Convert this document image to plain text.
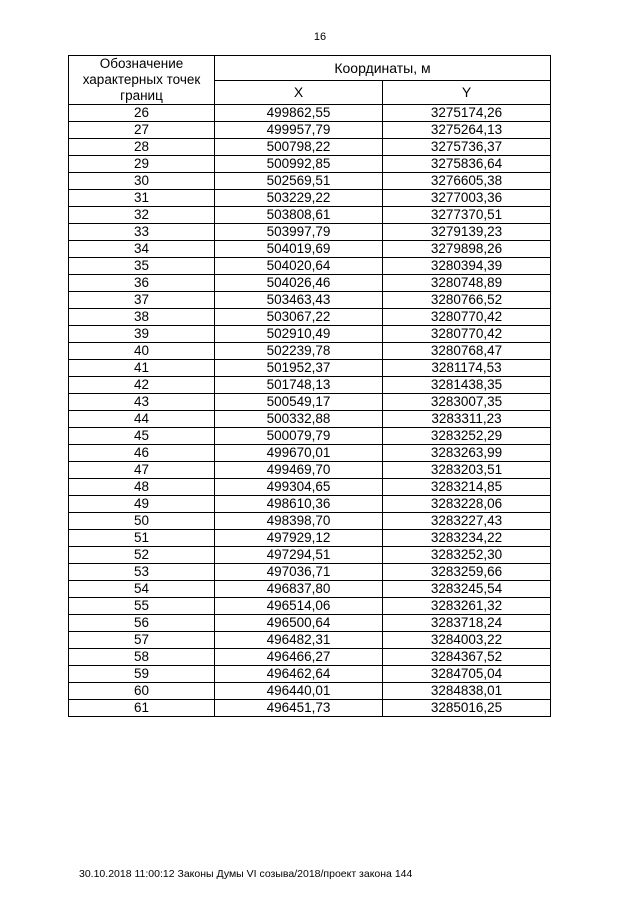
16
Обозначение характерных точек границ	Координаты, м	
	X	Y
26	499862,55	3275174,26
27	499957,79	3275264,13
28	500798,22	3275736,37
29	500992,85	3275836,64
30	502569,51	3276605,38
31	503229,22	3277003,36
32	503808,61	3277370,51
33	503997,79	3279139,23
34	504019,69	3279898,26
35	504020,64	3280394,39
36	504026,46	3280748,89
37	503463,43	3280766,52
38	503067,22	3280770,42
39	502910,49	3280770,42
40	502239,78	3280768,47
41	501952,37	3281174,53
42	501748,13	3281438,35
43	500549,17	3283007,35
44	500332,88	3283311,23
45	500079,79	3283252,29
46	499670,01	3283263,99
47	499469,70	3283203,51
48	499304,65	3283214,85
49	498610,36	3283228,06
50	498398,70	3283227,43
51	497929,12	3283234,22
52	497294,51	3283252,30
53	497036,71	3283259,66
54	496837,80	3283245,54
55	496514,06	3283261,32
56	496500,64	3283718,24
57	496482,31	3284003,22
58	496466,27	3284367,52
59	496462,64	3284705,04
60	496440,01	3284838,01
61	496451,73	3285016,25
30.10.2018 11:00:12 Законы Думы VI созыва/2018/проект закона 144
